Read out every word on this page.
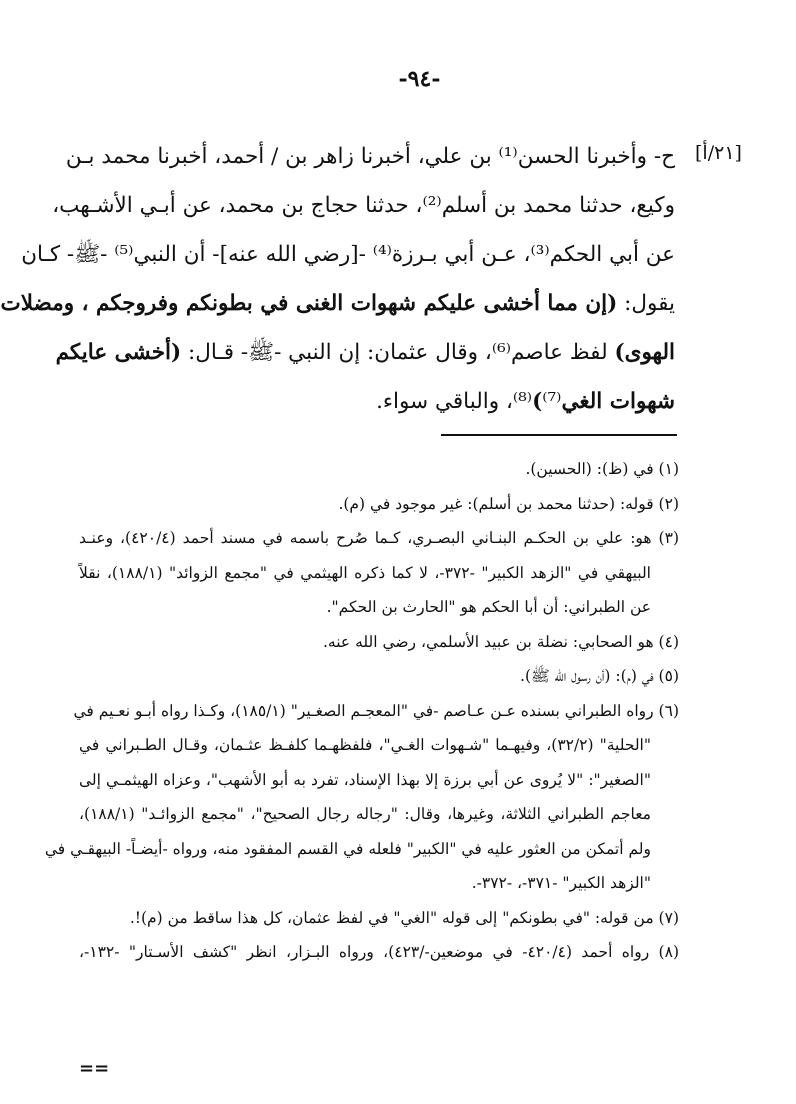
-٩٤-
[٢١/أ]
ح- وأخبرنا الحسن⁽¹⁾ بن علي، أخبرنا زاهر بن / أحمد، أخبرنا محمد بـن
وكيع، حدثنا محمد بن أسلم⁽²⁾، حدثنا حجاج بن محمد، عن أبـي الأشـهب،
عن أبي الحكم⁽³⁾، عـن أبي بـرزة⁽⁴⁾ -[رضي الله عنه]- أن النبي⁽⁵⁾ -ﷺ- كـان
يقول: (إن مما أخشى عليكم شهوات الغنى في بطونكم وفروجكم ، ومضلات
الهوى) لفظ عاصم⁽⁶⁾، وقال عثمان: إن النبي -ﷺ- قـال: (أخشى عايكم
شهوات الغي⁽⁷⁾)⁽⁸⁾، والباقي سواء.
(١) في (ظ): (الحسين).
(٢) قوله: (حدثنا محمد بن أسلم): غير موجود في (م).
(٣) هو: علي بن الحكـم البنـاني البصـري، كـما صُرح باسمه في مسند أحمد (٤٢٠/٤)، وعنـد
البيهقي في "الزهد الكبير" -٣٧٢-، لا كما ذكره الهيثمي في "مجمع الزوائد" (١٨٨/١)، نقلاً
عن الطبراني: أن أبا الحكم هو "الحارث بن الحكم".
(٤) هو الصحابي: نضلة بن عبيد الأسلمي، رضي الله عنه.
(٥) في (م): (أن رسول الله ﷺ).
(٦) رواه الطبراني بسنده عـن عـاصم -في "المعجـم الصغـير" (١٨٥/١)، وكـذا رواه أبـو نعـيم في
"الحلية" (٣٢/٢)، وفيهـما "شـهوات الغـي"، فلفظهـما كلفـظ عثـمان، وقـال الطـبراني في
"الصغير": "لا يُروى عن أبي برزة إلا بهذا الإسناد، تفرد به أبو الأشهب"، وعزاه الهيثمـي إلى
معاجم الطبراني الثلاثة، وغيرها، وقال: "رجاله رجال الصحيح"، "مجمع الزوائـد" (١٨٨/١)،
ولم أتمكن من العثور عليه في "الكبير" فلعله في القسم المفقود منه، ورواه -أيضـاً- البيهقـي في
"الزهد الكبير" -٣٧١-، -٣٧٢-.
(٧) من قوله: "في بطونكم" إلى قوله "الغي" في لفظ عثمان، كل هذا ساقط من (م)!.
(٨) رواه أحمد (٤٢٠/٤- في موضعين-/٤٢٣)، ورواه البـزار، انظر "كشف الأسـتار" -١٣٢-،
==
